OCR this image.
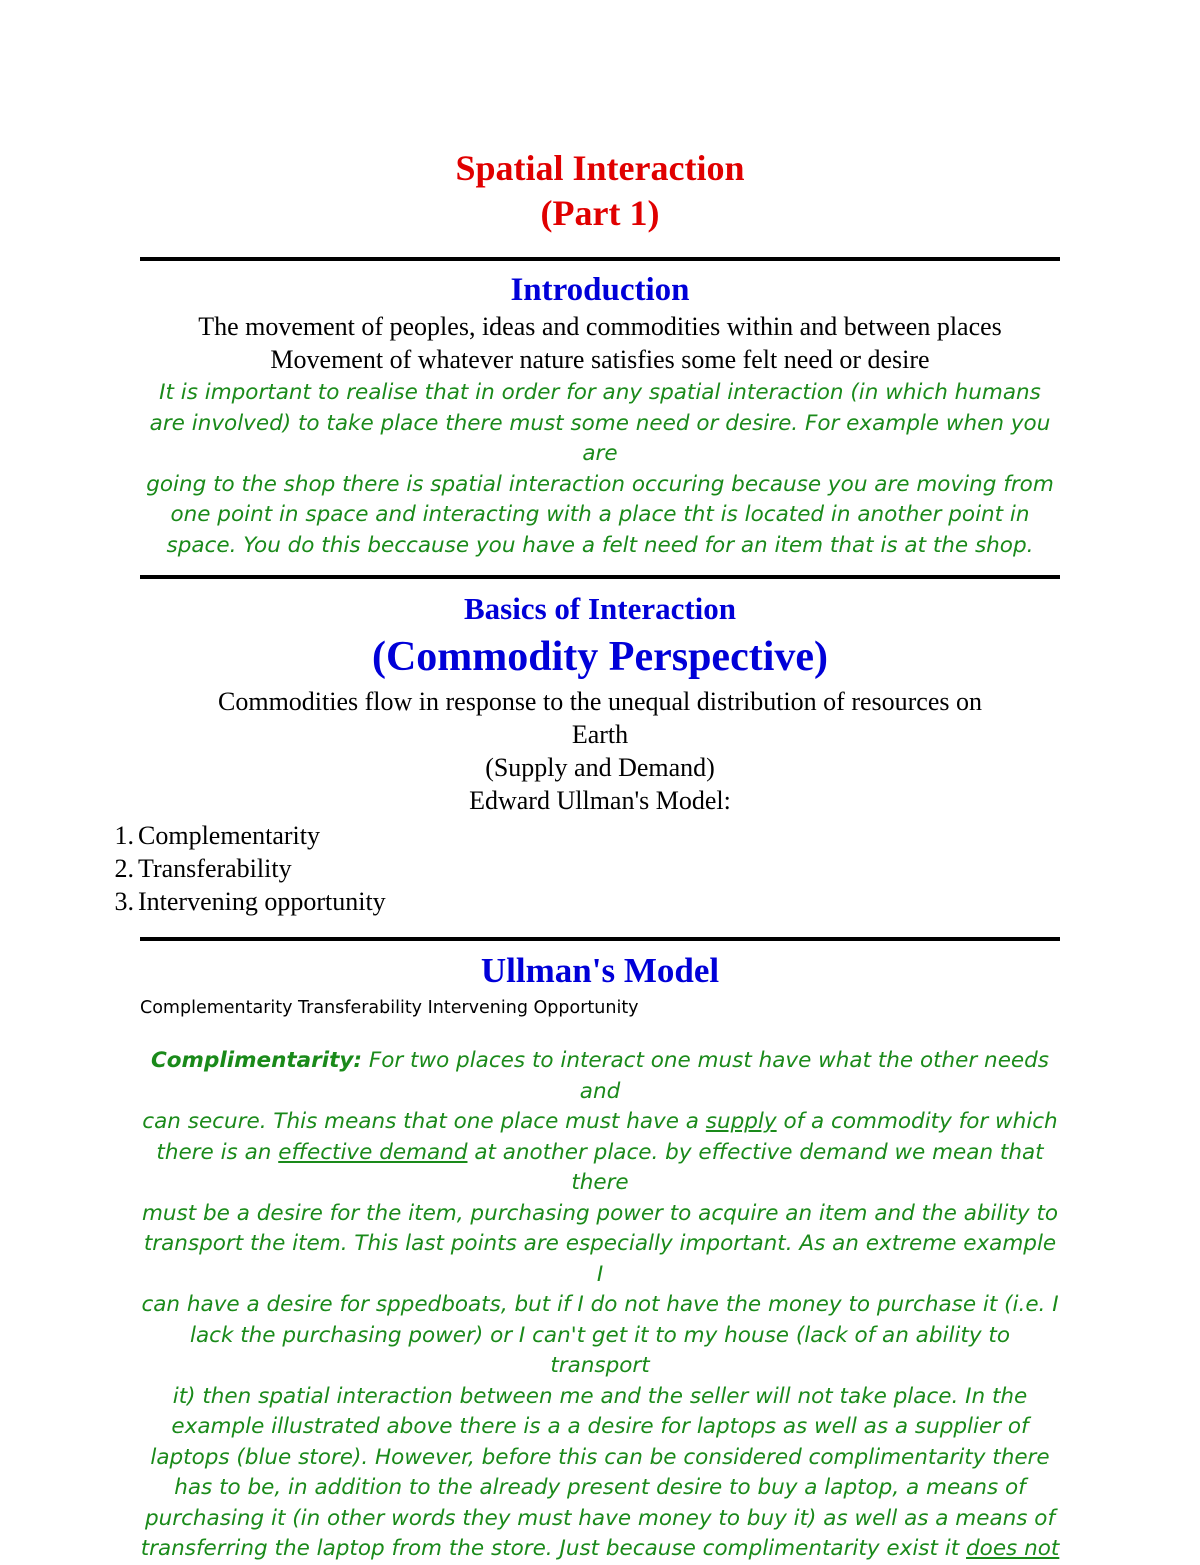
Spatial Interaction

(Part 1)

Introduction

The movement of peoples, ideas and commodities within and between places

Movement of whatever nature satisfies some felt need or desire

It is important to realise that in order for any spatial interaction (in which humans

are involved) to take place there must some need or desire. For example when you are

going to the shop there is spatial interaction occuring because you are moving from

one point in space and interacting with a place tht is located in another point in

space. You do this beccause you have a felt need for an item that is at the shop.

Basics of Interaction

(Commodity Perspective)

Commodities flow in response to the unequal distribution of resources on

Earth

(Supply and Demand)

Edward Ullman's Model:

1. Complementarity
2. Transferability
3. Intervening opportunity

Ullman's Model

Complementarity Transferability Intervening Opportunity

Complimentarity: For two places to interact one must have what the other needs and

can secure. This means that one place must have a supply of a commodity for which

there is an effective demand at another place. by effective demand we mean that there

must be a desire for the item, purchasing power to acquire an item and the ability to

transport the item. This last points are especially important. As an extreme example I

can have a desire for sppedboats, but if I do not have the money to purchase it (i.e. I

lack the purchasing power) or I can't get it to my house (lack of an ability to transport

it) then spatial interaction between me and the seller will not take place. In the

example illustrated above there is a a desire for laptops as well as a supplier of

laptops (blue store). However, before this can be considered complimentarity there

has to be, in addition to the already present desire to buy a laptop, a means of

purchasing it (in other words they must have money to buy it) as well as a means of

transferring the laptop from the store. Just because complimentarity exist it does not
